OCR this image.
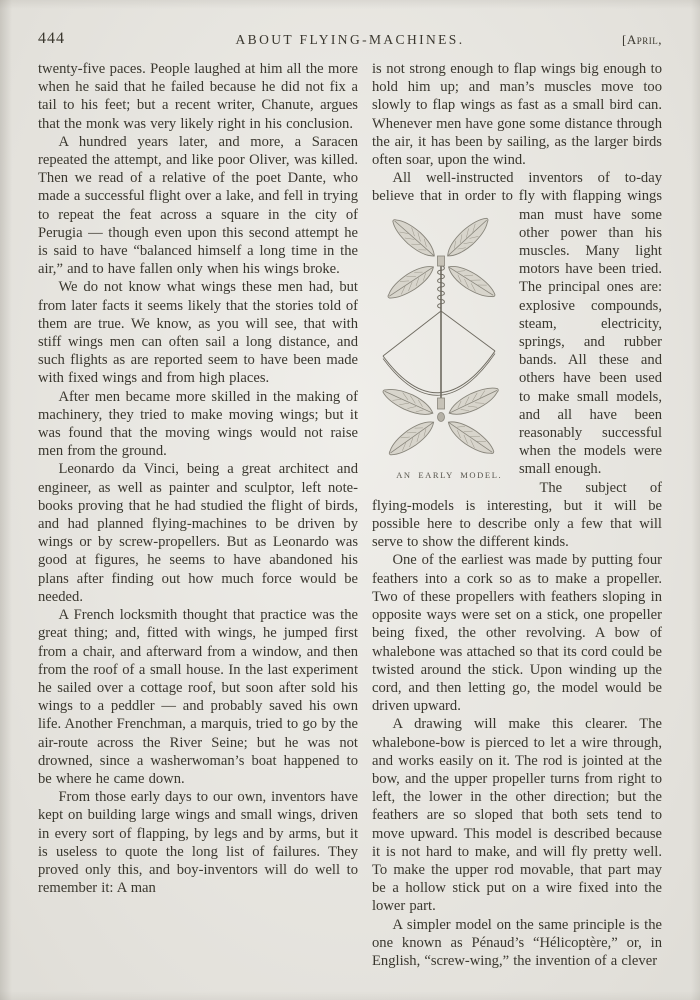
444	ABOUT FLYING-MACHINES.	[April,

twenty-five paces. People laughed at him all the more when he said that he failed because he did not fix a tail to his feet; but a recent writer, Chanute, argues that the monk was very likely right in his conclusion.

A hundred years later, and more, a Saracen repeated the attempt, and like poor Oliver, was killed. Then we read of a relative of the poet Dante, who made a successful flight over a lake, and fell in trying to repeat the feat across a square in the city of Perugia — though even upon this second attempt he is said to have “balanced himself a long time in the air,” and to have fallen only when his wings broke.

We do not know what wings these men had, but from later facts it seems likely that the stories told of them are true. We know, as you will see, that with stiff wings men can often sail a long distance, and such flights as are reported seem to have been made with fixed wings and from high places.

After men became more skilled in the making of machinery, they tried to make moving wings; but it was found that the moving wings would not raise men from the ground.

Leonardo da Vinci, being a great architect and engineer, as well as painter and sculptor, left note-books proving that he had studied the flight of birds, and had planned flying-machines to be driven by wings or by screw-propellers. But as Leonardo was good at figures, he seems to have abandoned his plans after finding out how much force would be needed.

A French locksmith thought that practice was the great thing; and, fitted with wings, he jumped first from a chair, and afterward from a window, and then from the roof of a small house. In the last experiment he sailed over a cottage roof, but soon after sold his wings to a peddler — and probably saved his own life. Another Frenchman, a marquis, tried to go by the air-route across the River Seine; but he was not drowned, since a washerwoman’s boat happened to be where he came down.

From those early days to our own, inventors have kept on building large wings and small wings, driven in every sort of flapping, by legs and by arms, but it is useless to quote the long list of failures. They proved only this, and boy-inventors will do well to remember it: A man

is not strong enough to flap wings big enough to hold him up; and man’s muscles move too slowly to flap wings as fast as a small bird can. Whenever men have gone some distance through the air, it has been by sailing, as the larger birds often soar, upon the wind.

All well-instructed inventors of to-day believe that in order to fly with flapping wings
AN EARLY MODEL.
man must have some other power than his muscles. Many light motors have been tried. The principal ones are: explosive compounds, steam, electricity, springs, and rubber bands. All these and others have been used to make small models, and all have been reasonably successful when the models were small enough.

The subject of flying-models is interesting, but it will be possible here to describe only a few that will serve to show the different kinds.

One of the earliest was made by putting four feathers into a cork so as to make a propeller. Two of these propellers with feathers sloping in opposite ways were set on a stick, one propeller being fixed, the other revolving. A bow of whalebone was attached so that its cord could be twisted around the stick. Upon winding up the cord, and then letting go, the model would be driven upward.

A drawing will make this clearer. The whalebone-bow is pierced to let a wire through, and works easily on it. The rod is jointed at the bow, and the upper propeller turns from right to left, the lower in the other direction; but the feathers are so sloped that both sets tend to move upward. This model is described because it is not hard to make, and will fly pretty well. To make the upper rod movable, that part may be a hollow stick put on a wire fixed into the lower part.

A simpler model on the same principle is the one known as Pénaud’s “Hélicoptère,” or, in English, “screw-wing,” the invention of a clever
